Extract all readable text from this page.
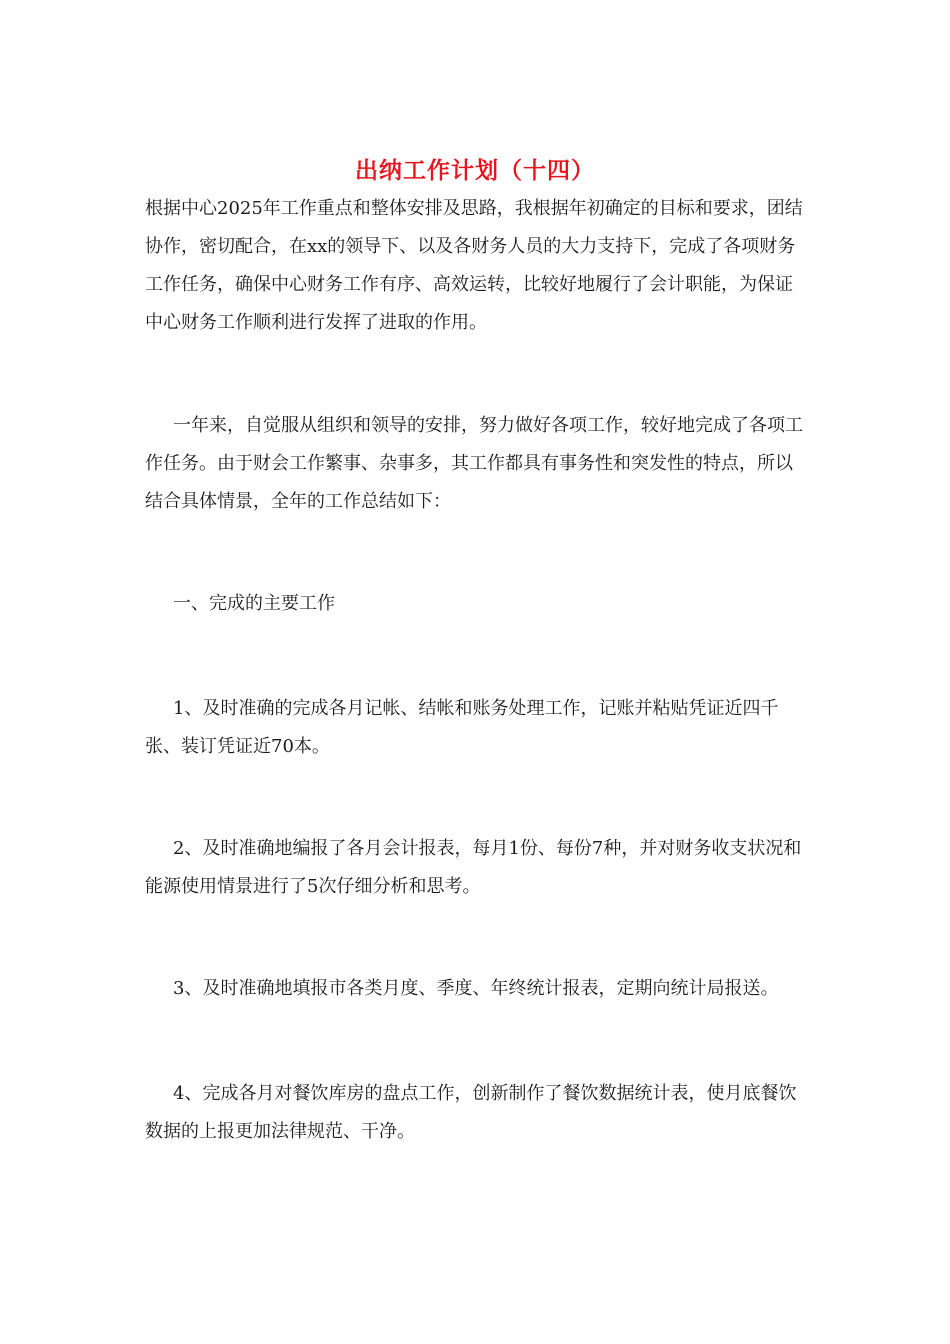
出纳工作计划（十四）

根据中心2025年工作重点和整体安排及思路，我根据年初确定的目标和要求，团结协作，密切配合，在xx的领导下、以及各财务人员的大力支持下，完成了各项财务工作任务，确保中心财务工作有序、高效运转，比较好地履行了会计职能，为保证中心财务工作顺利进行发挥了进取的作用。

一年来，自觉服从组织和领导的安排，努力做好各项工作，较好地完成了各项工作任务。由于财会工作繁事、杂事多，其工作都具有事务性和突发性的特点，所以结合具体情景，全年的工作总结如下：

一、完成的主要工作

1、及时准确的完成各月记帐、结帐和账务处理工作，记账并粘贴凭证近四千张、装订凭证近70本。

2、及时准确地编报了各月会计报表，每月1份、每份7种，并对财务收支状况和能源使用情景进行了5次仔细分析和思考。

3、及时准确地填报市各类月度、季度、年终统计报表，定期向统计局报送。

4、完成各月对餐饮库房的盘点工作，创新制作了餐饮数据统计表，使月底餐饮数据的上报更加法律规范、干净。
